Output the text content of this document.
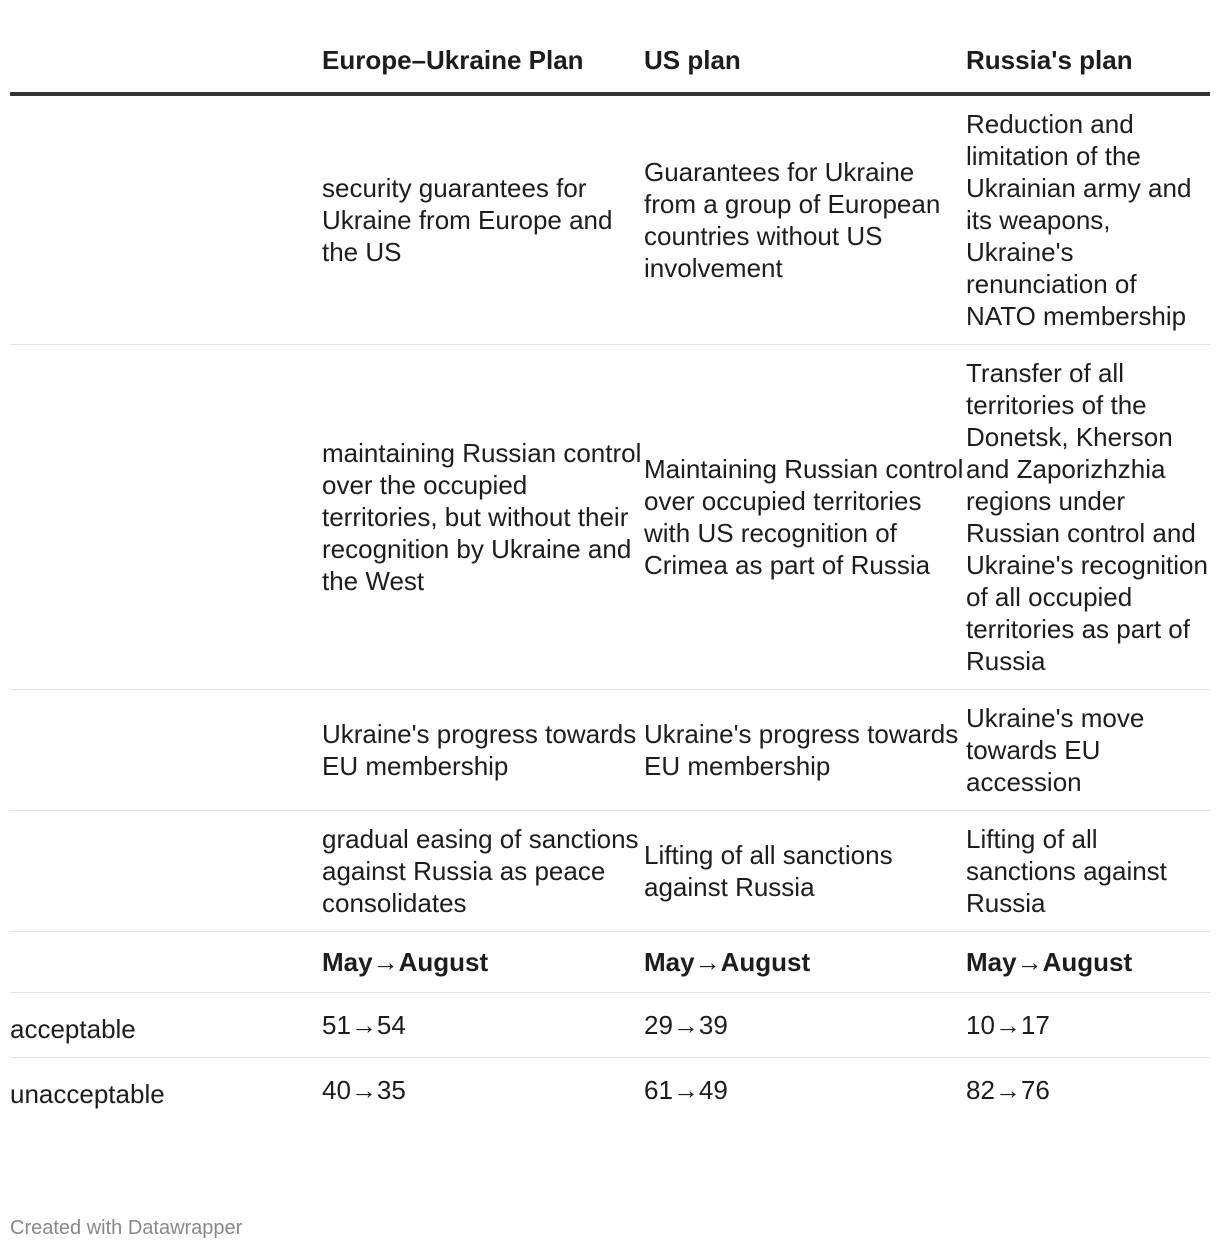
	Europe–Ukraine Plan	US plan	Russia's plan
	security guarantees for Ukraine from Europe and the US	Guarantees for Ukraine from a group of European countries without US involvement	Reduction and limitation of the Ukrainian army and its weapons, Ukraine's renunciation of NATO membership
	maintaining Russian control over the occupied territories, but without their recognition by Ukraine and the West	Maintaining Russian control over occupied territories with US recognition of Crimea as part of Russia	Transfer of all territories of the Donetsk, Kherson and Zaporizhzhia regions under Russian control and Ukraine's recognition of all occupied territories as part of Russia
	Ukraine's progress towards EU membership	Ukraine's progress towards EU membership	Ukraine's move towards EU accession
	gradual easing of sanctions against Russia as peace consolidates	Lifting of all sanctions against Russia	Lifting of all sanctions against Russia
	May→August	May→August	May→August
acceptable	51→54	29→39	10→17
unacceptable	40→35	61→49	82→76
Created with Datawrapper
